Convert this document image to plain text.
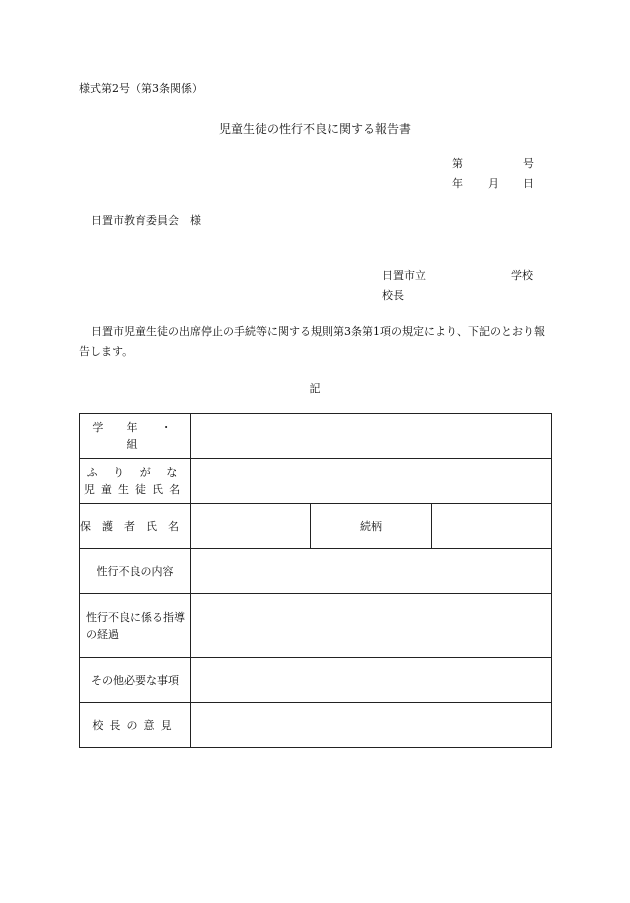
様式第2号（第3条関係）
児童生徒の性行不良に関する報告書
第	号
年 月 日
日置市教育委員会　様
日置市立	学校
校長
日置市児童生徒の出席停止の手続等に関する規則第3条第1項の規定により、下記のとおり報告します。
記
学　年　・　組			

ふ り が な
児童生徒氏名			

保護者氏名		続柄	
性行不良の内容			
性行不良に係る指導の経過			
その他必要な事項			
校長の意見			
